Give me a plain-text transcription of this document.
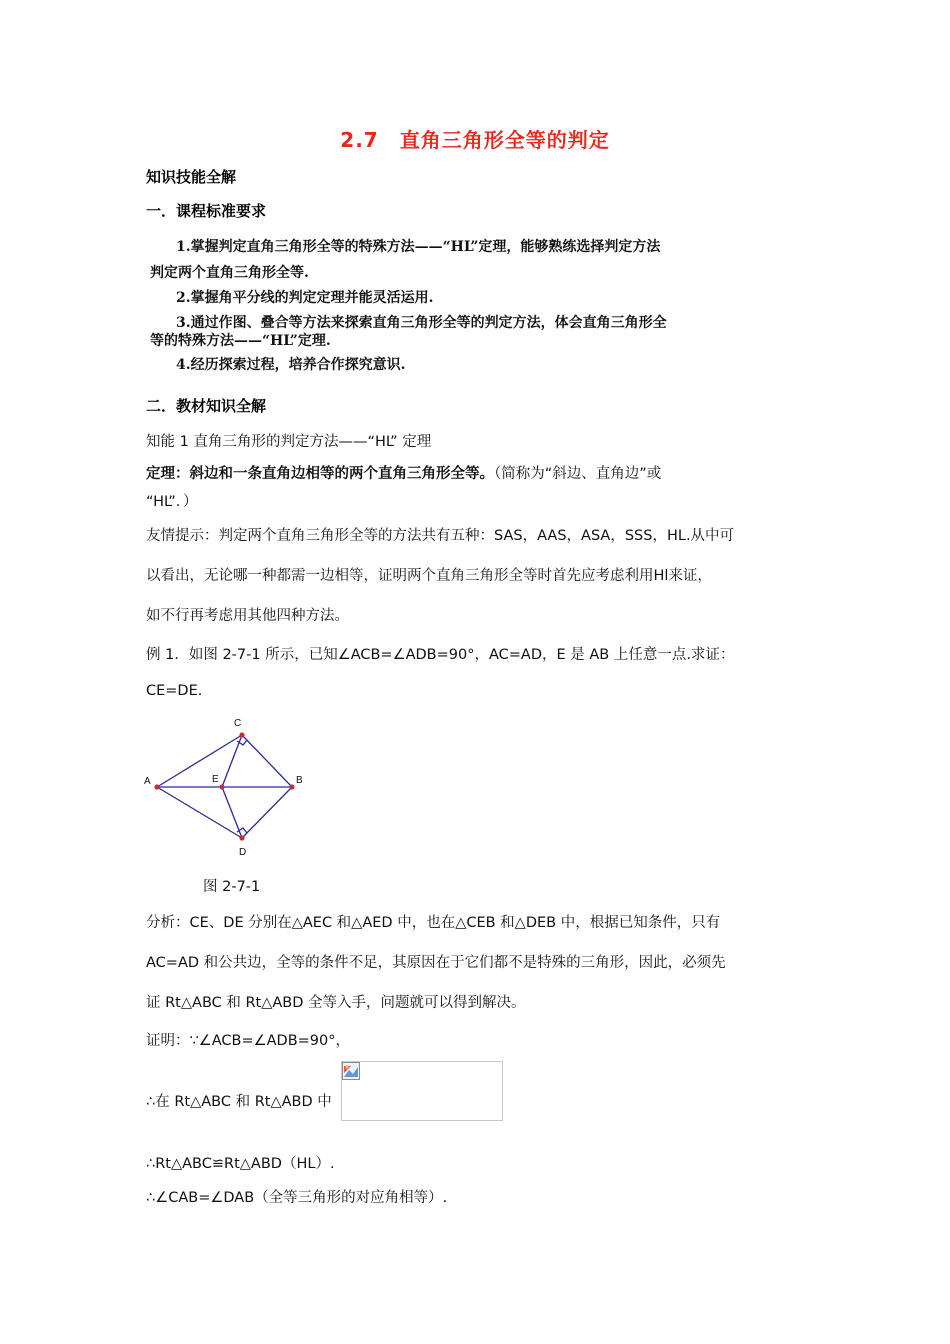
2.7　直角三角形全等的判定
知识技能全解
一．课程标准要求
1.掌握判定直角三角形全等的特殊方法——“HL”定理，能够熟练选择判定方法
判定两个直角三角形全等.
2.掌握角平分线的判定定理并能灵活运用.
3.通过作图、叠合等方法来探索直角三角形全等的判定方法，体会直角三角形全
等的特殊方法——“HL”定理.
4.经历探索过程，培养合作探究意识.
二．教材知识全解
知能 1 直角三角形的判定方法——“HL” 定理
定理：斜边和一条直角边相等的两个直角三角形全等。（简称为“斜边、直角边”或
“HL”．）
友情提示：判定两个直角三角形全等的方法共有五种：SAS，AAS，ASA，SSS，HL.从中可
以看出，无论哪一种都需一边相等，证明两个直角三角形全等时首先应考虑利用Hl来证，
如不行再考虑用其他四种方法。
例 1．如图 2-7-1 所示，已知∠ACB=∠ADB=90°，AC=AD，E 是 AB 上任意一点.求证：
CE=DE.
A	B
C
D
E
图 2-7-1
分析：CE、DE 分别在△AEC 和△AED 中，也在△CEB 和△DEB 中，根据已知条件，只有
AC=AD 和公共边，全等的条件不足，其原因在于它们都不是特殊的三角形，因此，必须先
证 Rt△ABC 和 Rt△ABD 全等入手，问题就可以得到解决。
证明：∵∠ACB=∠ADB=90°，
∴在 Rt△ABC 和 Rt△ABD 中
∴Rt△ABC≌Rt△ABD（HL）.
∴∠CAB=∠DAB（全等三角形的对应角相等）.
